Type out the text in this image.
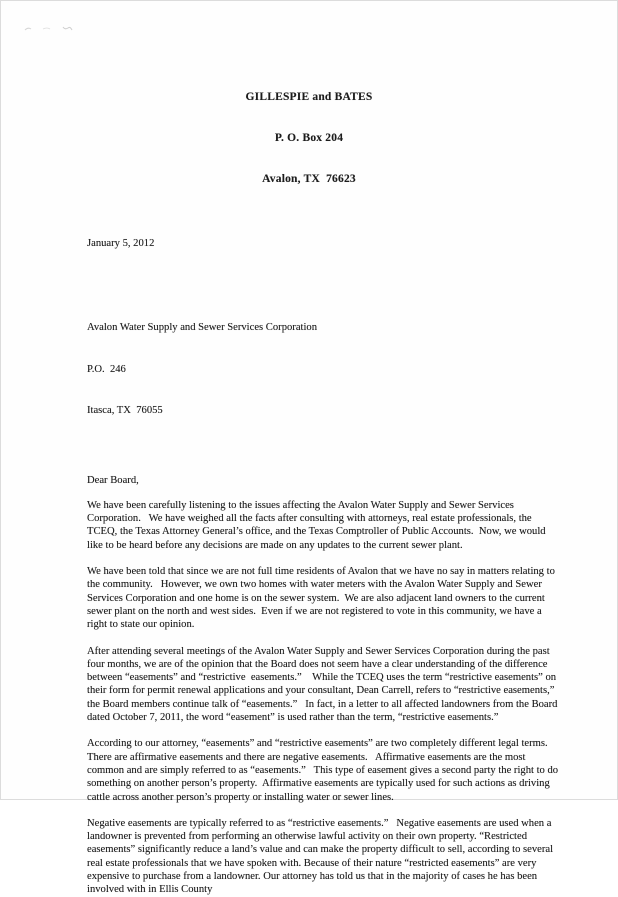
GILLESPIE and BATES

P. O. Box 204

Avalon, TX  76623

January 5, 2012

Avalon Water Supply and Sewer Services Corporation

P.O.  246

Itasca, TX  76055

Dear Board,

We have been carefully listening to the issues affecting the Avalon Water Supply and Sewer Services Corporation.   We have weighed all the facts after consulting with attorneys, real estate professionals, the TCEQ, the Texas Attorney General’s office, and the Texas Comptroller of Public Accounts.  Now, we would like to be heard before any decisions are made on any updates to the current sewer plant.

We have been told that since we are not full time residents of Avalon that we have no say in matters relating to the community.   However, we own two homes with water meters with the Avalon Water Supply and Sewer Services Corporation and one home is on the sewer system.  We are also adjacent land owners to the current sewer plant on the north and west sides.  Even if we are not registered to vote in this community, we have a right to state our opinion.

After attending several meetings of the Avalon Water Supply and Sewer Services Corporation during the past four months, we are of the opinion that the Board does not seem have a clear understanding of the difference between “easements” and “restrictive  easements.”    While the TCEQ uses the term “restrictive easements” on their form for permit renewal applications and your consultant, Dean Carrell, refers to “restrictive easements,” the Board members continue talk of “easements.”   In fact, in a letter to all affected landowners from the Board dated October 7, 2011, the word “easement” is used rather than the term, “restrictive easements.”

According to our attorney, “easements” and “restrictive easements” are two completely different legal terms.    There are affirmative easements and there are negative easements.   Affirmative easements are the most common and are simply referred to as “easements.”   This type of easement gives a second party the right to do something on another person’s property.  Affirmative easements are typically used for such actions as driving cattle across another person’s property or installing water or sewer lines.

Negative easements are typically referred to as “restrictive easements.”   Negative easements are used when a landowner is prevented from performing an otherwise lawful activity on their own property. “Restricted easements” significantly reduce a land’s value and can make the property difficult to sell, according to several real estate professionals that we have spoken with. Because of their nature “restricted easements” are very expensive to purchase from a landowner. Our attorney has told us that in the majority of cases he has been involved with in Ellis County
